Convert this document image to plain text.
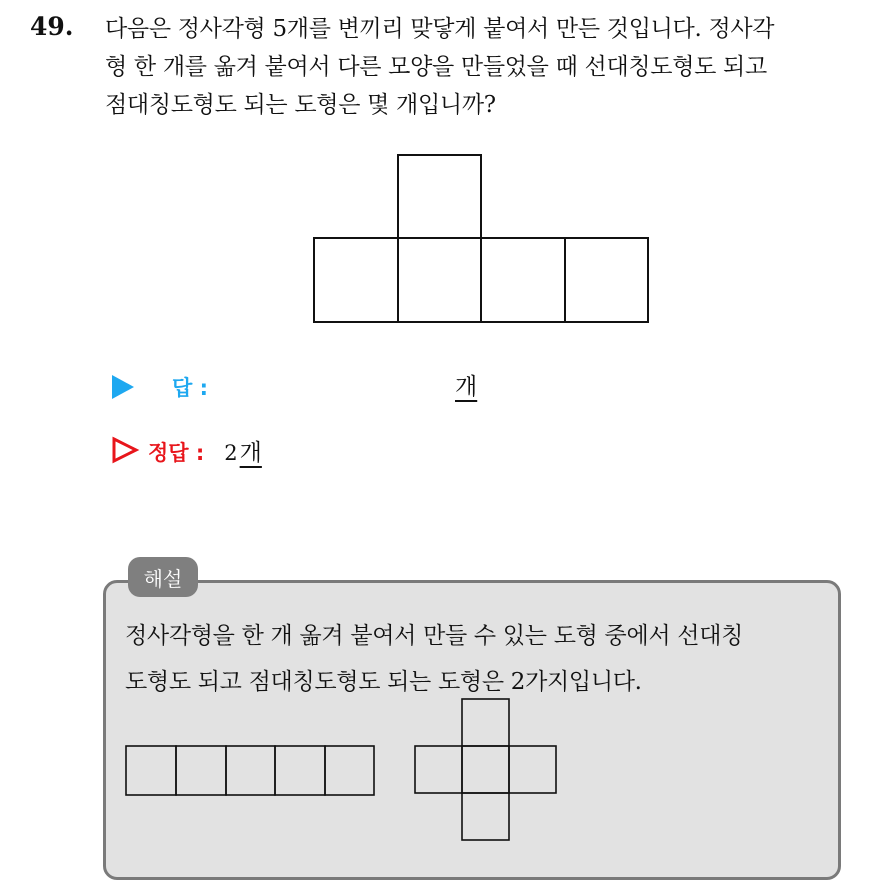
49. 다음은 정사각형 5개를 변끼리 맞닿게 붙여서 만든 것입니다. 정사각
형 한 개를 옮겨 붙여서 다른 모양을 만들었을 때 선대칭도형도 되고
점대칭도형도 되는 도형은 몇 개입니까?
답 :	개
정답 : 2 개
해설
정사각형을 한 개 옮겨 붙여서 만들 수 있는 도형 중에서 선대칭
도형도 되고 점대칭도형도 되는 도형은 2가지입니다.
